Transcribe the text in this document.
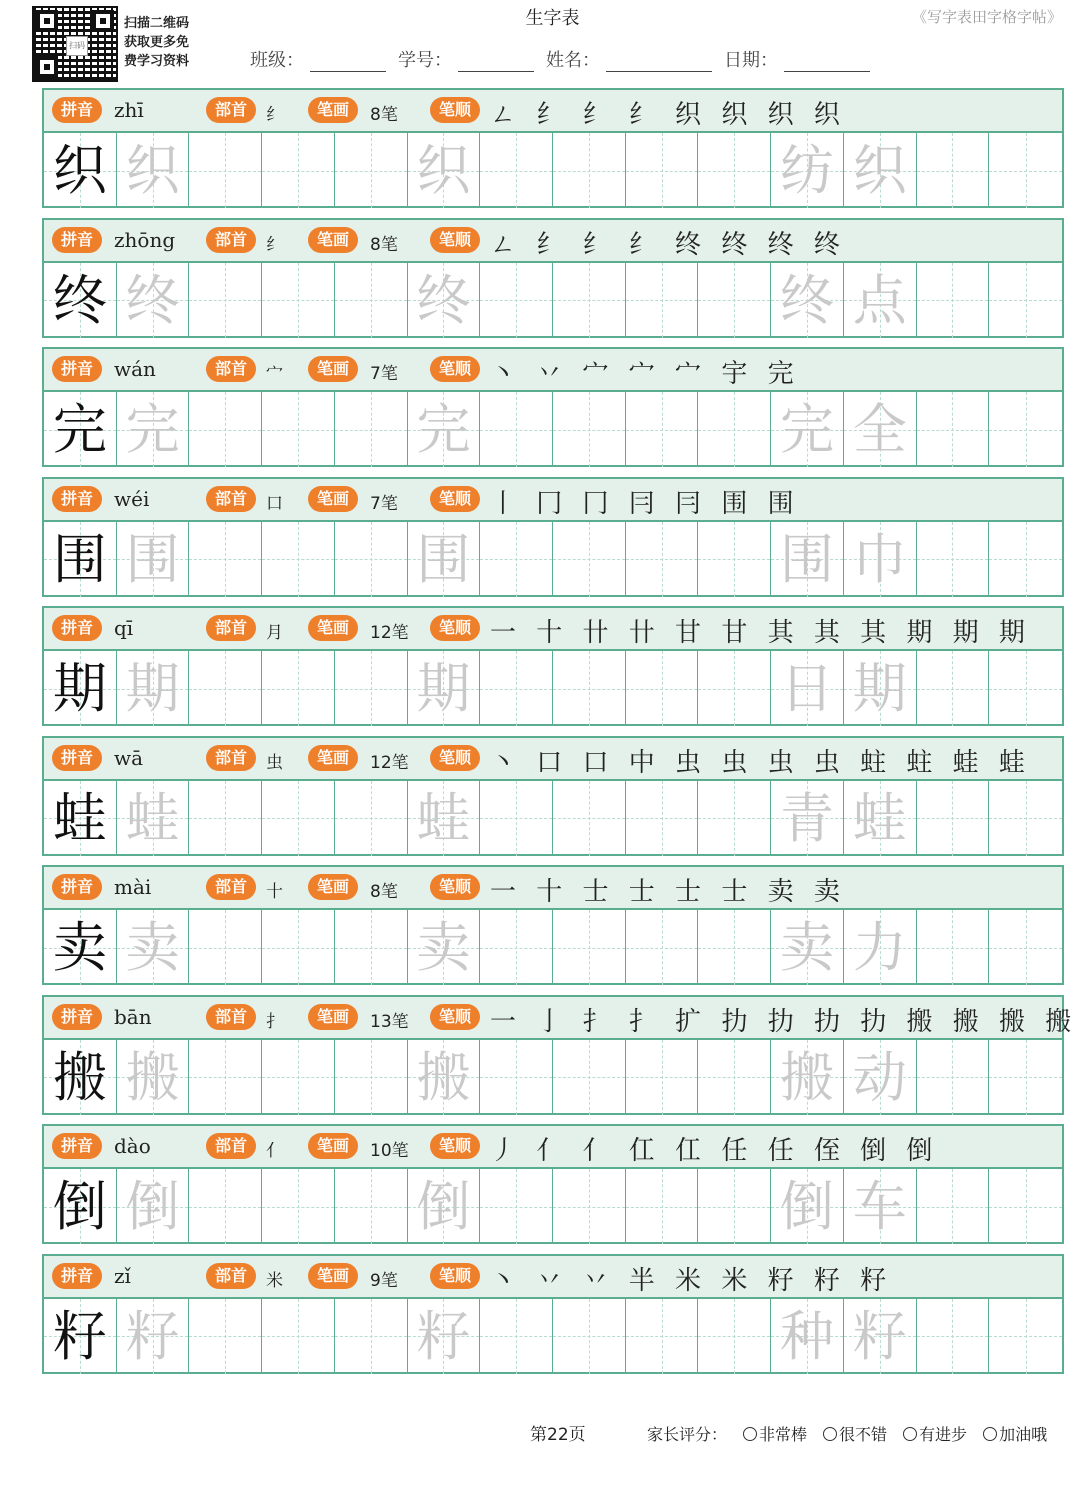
扫码
扫描二维码
获取更多免
费学习资料
生字表	《写字表田字格字帖》
班级：	学号：	姓名：	日期：
拼音	zhī	部首	纟	笔画	8笔	笔顺 ㄥ 纟 纟 纟 织 织 织 织
织 织	织	纺 织
拼音	zhōng	部首	纟	笔画	8笔	笔顺 ㄥ 纟 纟 纟 终 终 终 终
终 终	终	终 点
拼音	wán	部首	宀	笔画	7笔	笔顺 丶 丷 宀 宀 宀 宇 完
完 完	完	完 全
拼音	wéi	部首	口	笔画	7笔	笔顺 丨 冂 冂 冃 冃 围 围
围 围	围	围 巾
拼音	qī	部首	月	笔画	12笔	笔顺 一 十 卄 卄 甘 甘 其 其 其 期 期 期
期 期	期	日 期
拼音	wā	部首	虫	笔画	12笔	笔顺 丶 口 口 中 虫 虫 虫 虫 蛀 蛀 蛙 蛙
蛙 蛙	蛙	青 蛙
拼音	mài	部首	十	笔画	8笔	笔顺 一 十 士 士 士 士 卖 卖
卖 卖	卖	卖 力
拼音	bān	部首	扌	笔画	13笔	笔顺 一 亅 扌 扌 扩 扐 扐 扐 扐 搬 搬 搬 搬
搬 搬	搬	搬 动
拼音	dào	部首	亻	笔画	10笔	笔顺 丿 亻 亻 仜 仜 任 任 侄 倒 倒
倒 倒	倒	倒 车
拼音	zǐ	部首	米	笔画	9笔	笔顺 丶 丷 丷 半 米 米 籽 籽 籽
籽 籽	籽	种 籽
第22页	家长评分： 非常棒 很不错 有进步 加油哦
